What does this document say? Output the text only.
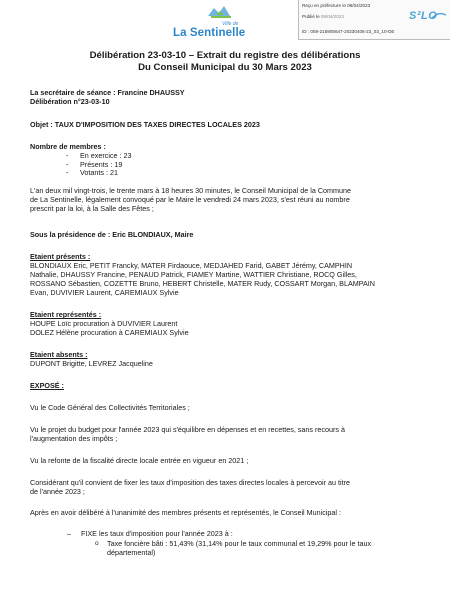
Ville de
La Sentinelle
Reçu en préfecture le 06/04/2023
Publié le 06/04/2023
ID : 059-215905647-20230406-23_03_10-DE
S²LO
Délibération 23-03-10 – Extrait du registre des délibérations
Du Conseil Municipal du 30 Mars 2023
La secrétaire de séance : Francine DHAUSSY
Délibération n°23-03-10
Objet : TAUX D'IMPOSITION DES TAXES DIRECTES LOCALES 2023
Nombre de membres :
- En exercice : 23
- Présents : 19
- Votants : 21
L'an deux mil vingt-trois, le trente mars à 18 heures 30 minutes, le Conseil Municipal de la Commune
de La Sentinelle, légalement convoqué par le Maire le vendredi 24 mars 2023, s'est réuni au nombre
prescrit par la loi, à la Salle des Fêtes ;
Sous la présidence de : Eric BLONDIAUX, Maire
Etaient présents :
BLONDIAUX Eric, PETIT Francky, MATER Firdaouce, MEDJAHED Farid, GABET Jérémy, CAMPHIN
Nathalie, DHAUSSY Francine, PENAUD Patrick, FIAMEY Martine, WATTIER Christiane, ROCQ Gilles,
ROSSANO Sébastien, COZETTE Bruno, HEBERT Christelle, MATER Rudy, COSSART Morgan, BLAMPAIN
Evan, DUVIVIER Laurent, CAREMIAUX Sylvie
Etaient représentés :
HOUPE Loïc procuration à DUVIVIER Laurent
DOLEZ Hélène procuration à CAREMIAUX Sylvie
Etaient absents :
DUPONT Brigitte, LEVREZ Jacqueline
EXPOSÉ :
Vu le Code Général des Collectivités Territoriales ;
Vu le projet du budget pour l'année 2023 qui s'équilibre en dépenses et en recettes, sans recours à
l'augmentation des impôts ;
Vu la refonte de la fiscalité directe locale entrée en vigueur en 2021 ;
Considérant qu'il convient de fixer les taux d'imposition des taxes directes locales à percevoir au titre
de l'année 2023 ;
Après en avoir délibéré à l'unanimité des membres présents et représentés, le Conseil Municipal :
–     FIXE les taux d'imposition pour l'année 2023 à :
o Taxe foncière bâti : 51,43% (31,14% pour le taux communal et 19,29% pour le taux
départemental)
